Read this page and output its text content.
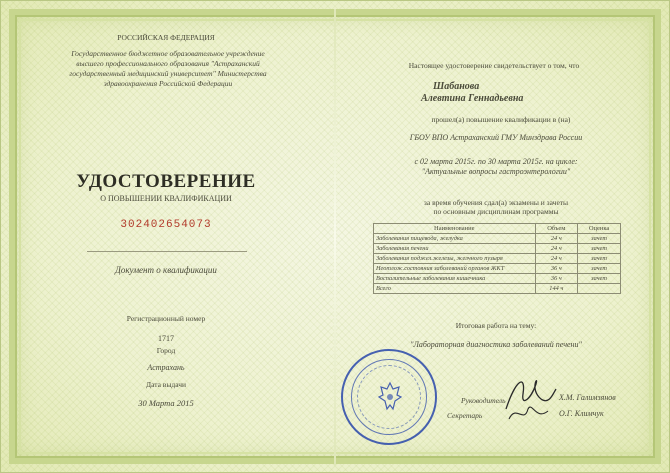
РОССИЙСКАЯ ФЕДЕРАЦИЯ
Государственное бюджетное образовательное учреждение высшего профессионального образования "Астраханский государственный медицинский университет" Министерства здравоохранения Российской Федерации
УДОСТОВЕРЕНИЕ
О ПОВЫШЕНИИ КВАЛИФИКАЦИИ
302402654073
Документ о квалификации
Регистрационный номер
1717
Город
Астрахань
Дата выдачи
30 Марта 2015
Настоящее удостоверение свидетельствует о том, что
Шабанова
Алевтина Геннадьевна
прошел(а) повышение квалификации в (на)
ГБОУ ВПО Астраханский ГМУ Минздрава России
с 02 марта 2015г. по 30 марта 2015г. на цикле:
"Актуальные вопросы гастроэнтерологии"
за время обучения сдал(а) экзамены и зачеты
по основным дисциплинам программы
Наименование	Объем	Оценка
Заболевания пищевода, желудка	24 ч	зачет
Заболевания печени	24 ч	зачет
Заболевания поджел.железы, желчного пузыря	24 ч	зачет
Неотлож.состояния заболеваний органов ЖКТ	36 ч	зачет
Воспалительные заболевания кишечника	36 ч	зачет
Всего	144 ч	
Итоговая работа на тему:
"Лабораторная диагностика заболеваний печени"
Руководитель
Секретарь
Х.М. Галимзянов
О.Г. Климчук
